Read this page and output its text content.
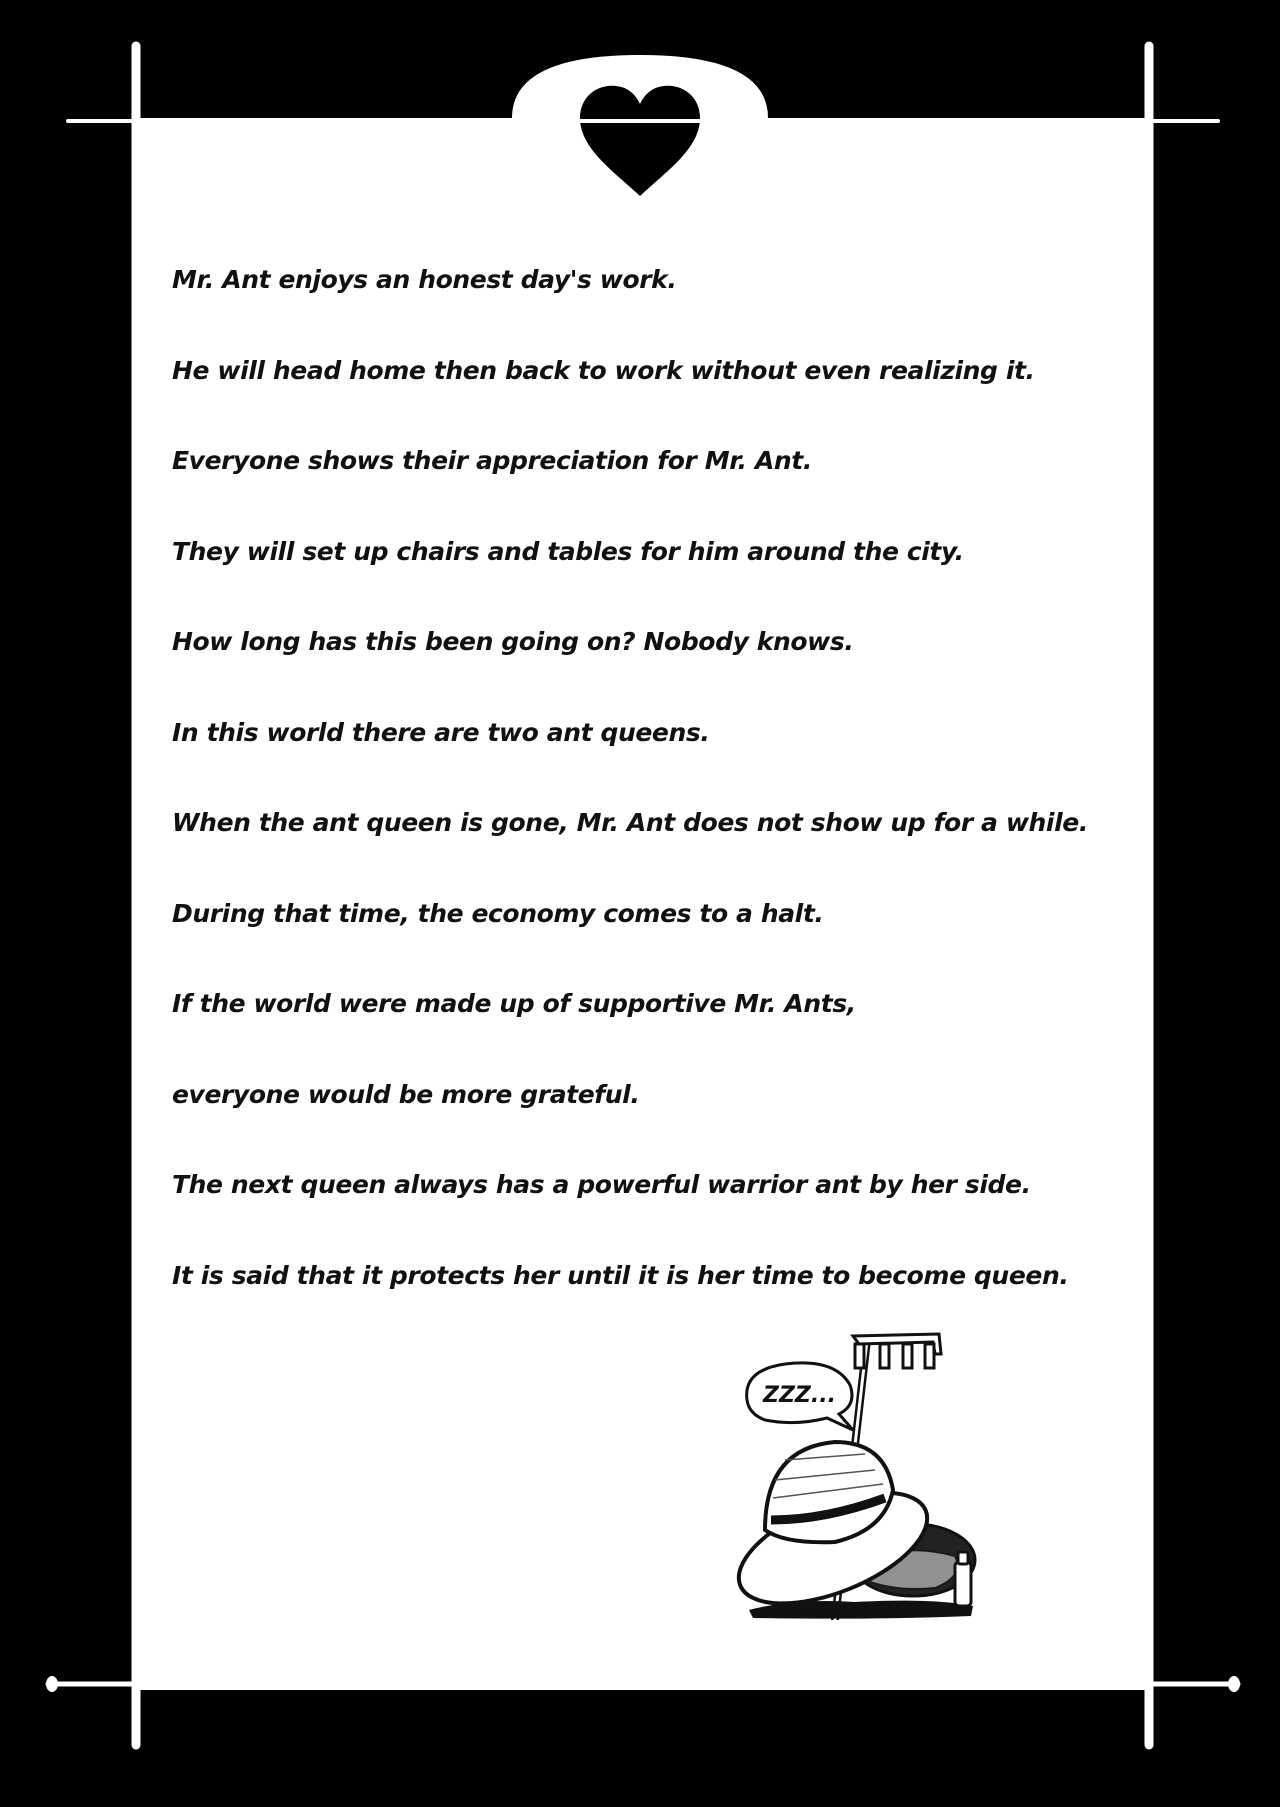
Mr. Ant enjoys an honest day's work.
He will head home then back to work without even realizing it.
Everyone shows their appreciation for Mr. Ant.
They will set up chairs and tables for him around the city.
How long has this been going on? Nobody knows.
In this world there are two ant queens.
When the ant queen is gone, Mr. Ant does not show up for a while.
During that time, the economy comes to a halt.
If the world were made up of supportive Mr. Ants,
everyone would be more grateful.
The next queen always has a powerful warrior ant by her side.
It is said that it protects her until it is her time to become queen.
ZZZ...
